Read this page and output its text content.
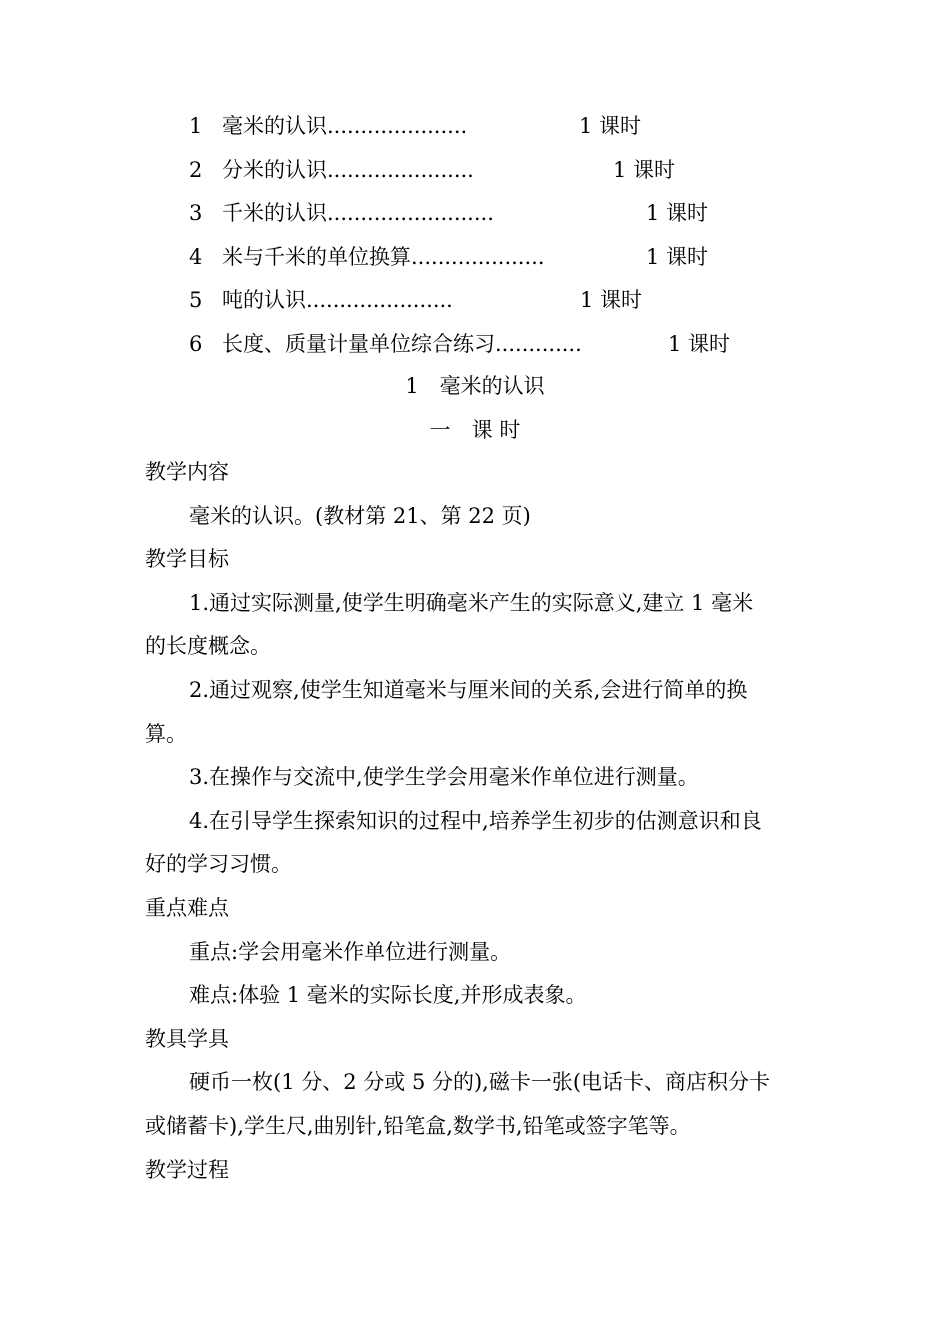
1 毫米的认识.....................	1 课时
2 分米的认识......................	1 课时
3 千米的认识.........................	1 课时
4 米与千米的单位换算....................	1 课时
5 吨的认识......................	1 课时
6 长度、质量计量单位综合练习.............	1 课时
1　毫米的认识
一　课 时
教学内容
毫米的认识。(教材第 21、第 22 页)
教学目标
1.通过实际测量,使学生明确毫米产生的实际意义,建立 1 毫米
的长度概念。
2.通过观察,使学生知道毫米与厘米间的关系,会进行简单的换
算。
3.在操作与交流中,使学生学会用毫米作单位进行测量。
4.在引导学生探索知识的过程中,培养学生初步的估测意识和良
好的学习习惯。
重点难点
重点:学会用毫米作单位进行测量。
难点:体验 1 毫米的实际长度,并形成表象。
教具学具
硬币一枚(1 分、2 分或 5 分的),磁卡一张(电话卡、商店积分卡
或储蓄卡),学生尺,曲别针,铅笔盒,数学书,铅笔或签字笔等。
教学过程
